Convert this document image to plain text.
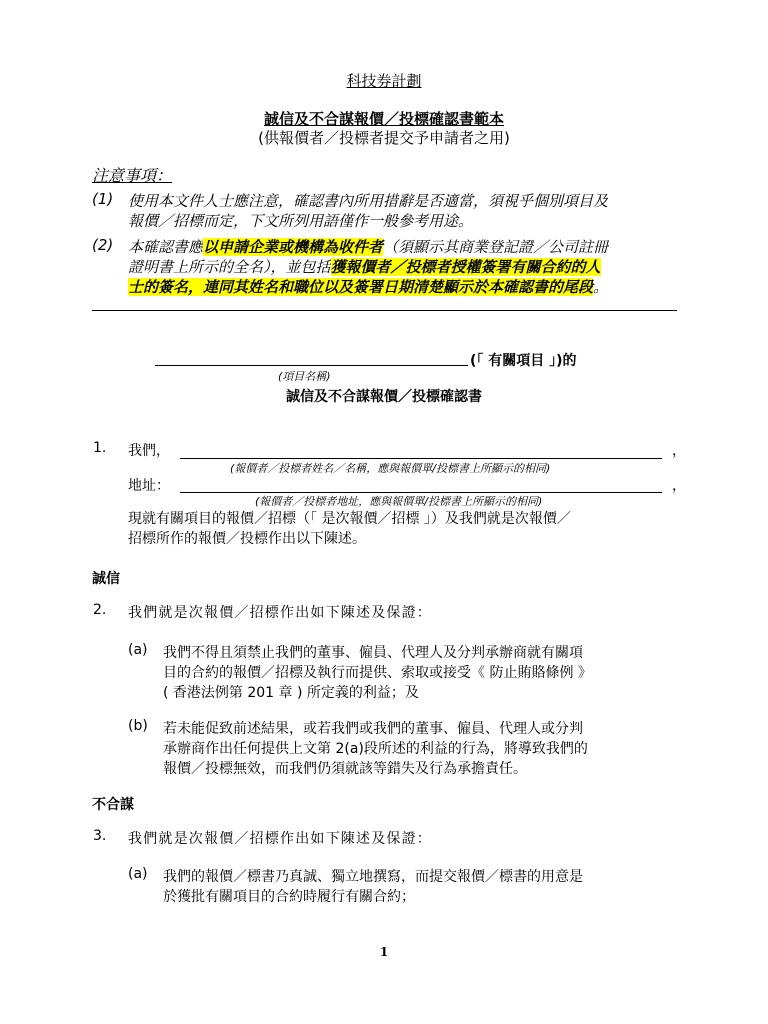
科技券計劃
誠信及不合謀報價／投標確認書範本
(供報價者／投標者提交予申請者之用)
注意事項：
(1) 使用本文件人士應注意，確認書內所用措辭是否適當，須視乎個別項目及
報價／招標而定，下文所列用語僅作一般參考用途。
(2) 本確認書應以申請企業或機構為收件者（須顯示其商業登記證／公司註冊
證明書上所示的全名），並包括獲報價者／投標者授權簽署有關合約的人
士的簽名，連同其姓名和職位以及簽署日期清楚顯示於本確認書的尾段。
(「 有關項目 」)的
(項目名稱)
誠信及不合謀報價／投標確認書
1. 我們，	，
(報價者／投標者姓名／名稱，應與報價單/投標書上所顯示的相同)
地址：	，
(報價者／投標者地址，應與報價單/投標書上所顯示的相同)
現就有關項目的報價／招標（「 是次報價／招標 」）及我們就是次報價／
招標所作的報價／投標作出以下陳述。
誠信
2. 我們就是次報價／招標作出如下陳述及保證：
(a) 我們不得且須禁止我們的董事、僱員、代理人及分判承辦商就有關項
目的合約的報價／招標及執行而提供、索取或接受《 防止賄賂條例 》
( 香港法例第 201 章 ) 所定義的利益；及
(b) 若未能促致前述結果，或若我們或我們的董事、僱員、代理人或分判
承辦商作出任何提供上文第 2(a)段所述的利益的行為，將導致我們的
報價／投標無效，而我們仍須就該等錯失及行為承擔責任。
不合謀
3. 我們就是次報價／招標作出如下陳述及保證：
(a) 我們的報價／標書乃真誠、獨立地撰寫，而提交報價／標書的用意是
於獲批有關項目的合約時履行有關合約；
1
